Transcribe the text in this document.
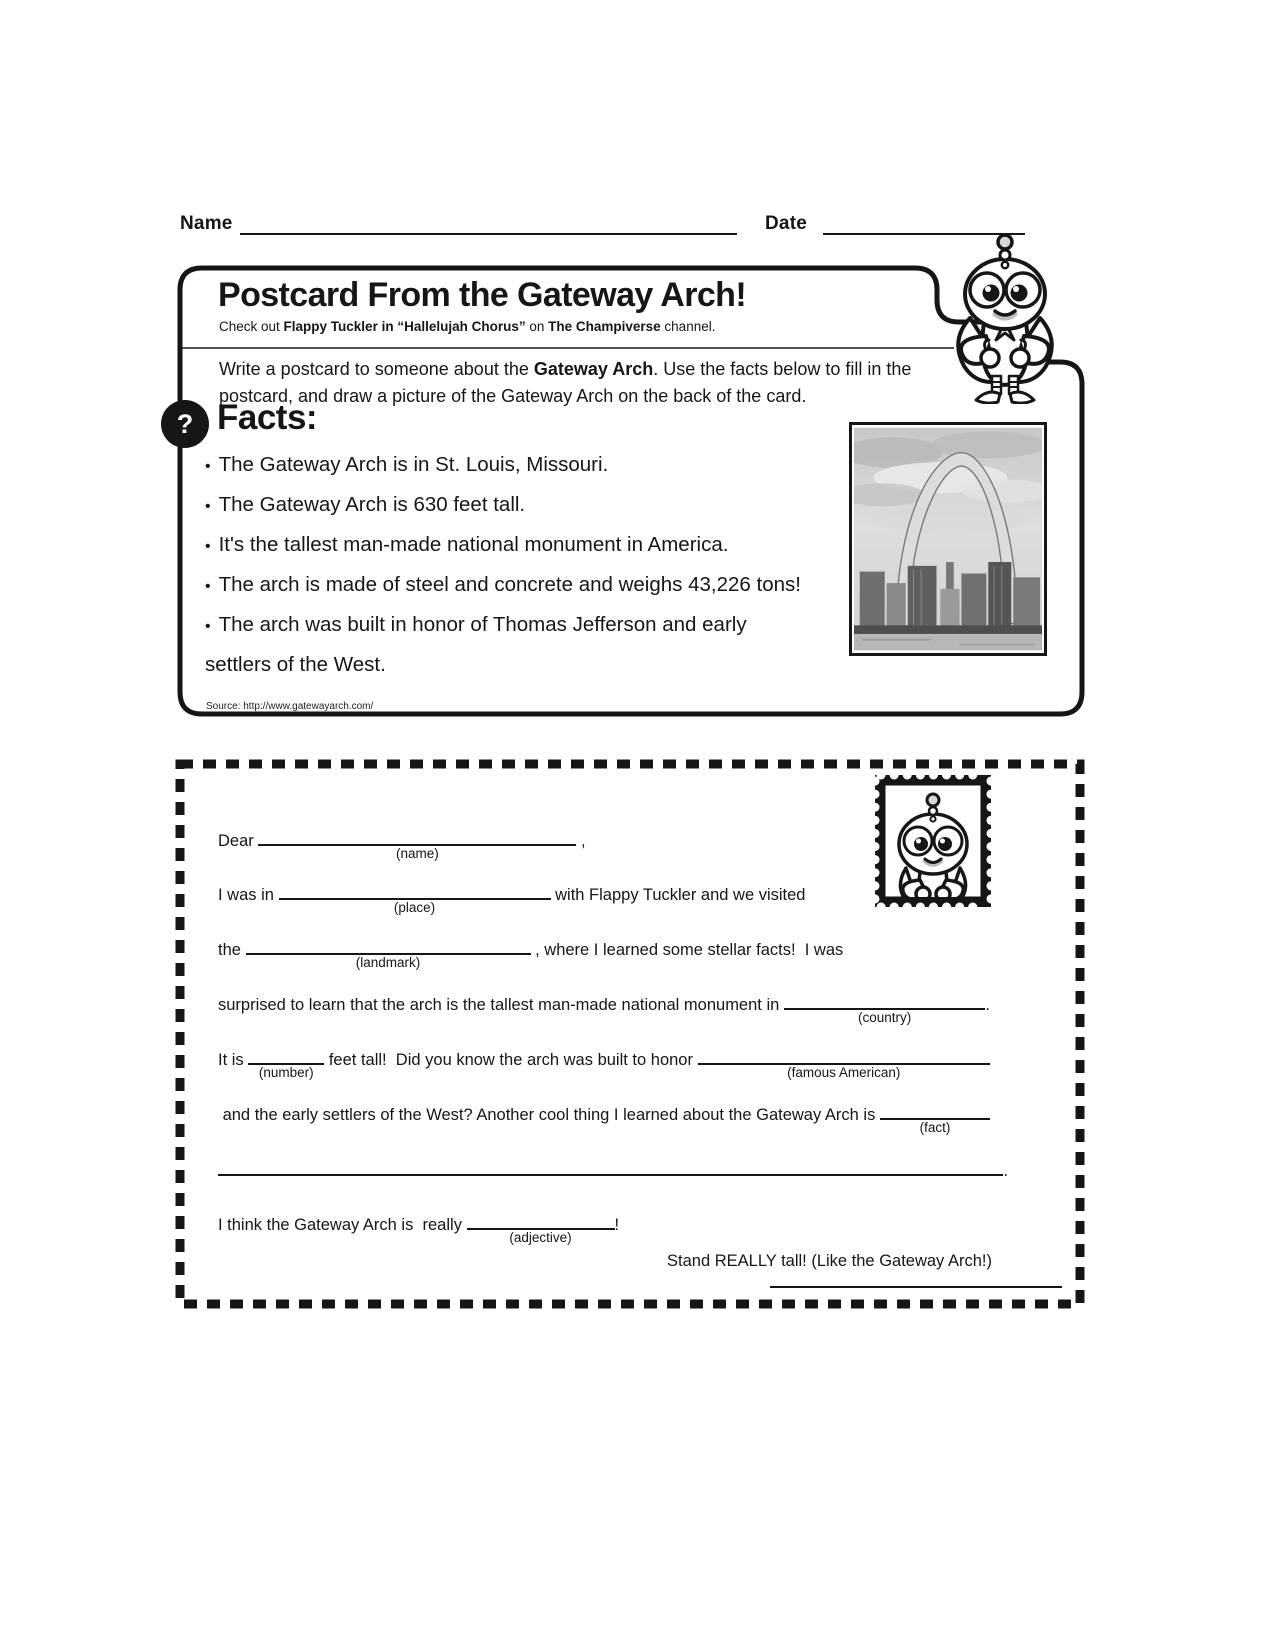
Name	Date
Postcard From the Gateway Arch!
Check out Flappy Tuckler in “Hallelujah Chorus” on The Champiverse channel.
Write a postcard to someone about the Gateway Arch. Use the facts below to fill in the postcard, and draw a picture of the Gateway Arch on the back of the card.
? Facts:
• The Gateway Arch is in St. Louis, Missouri.
• The Gateway Arch is 630 feet tall.
• It's the tallest man-made national monument in America.
• The arch is made of steel and concrete and weighs 43,226 tons!
• The arch was built in honor of Thomas Jefferson and early
settlers of the West.
Source: http://www.gatewayarch.com/
Dear
(name)
,
I was in
(place)
with Flappy Tuckler and we visited
the
(landmark)
, where I learned some stellar facts!  I was
surprised to learn that the arch is the tallest man-made national monument in
(country)
.
It is
(number)
feet tall!  Did you know the arch was built to honor
(famous American)
and the early settlers of the West? Another cool thing I learned about the Gateway Arch is
(fact)
.
I think the Gateway Arch is  really
(adjective)
!
Stand REALLY tall! (Like the Gateway Arch!)
